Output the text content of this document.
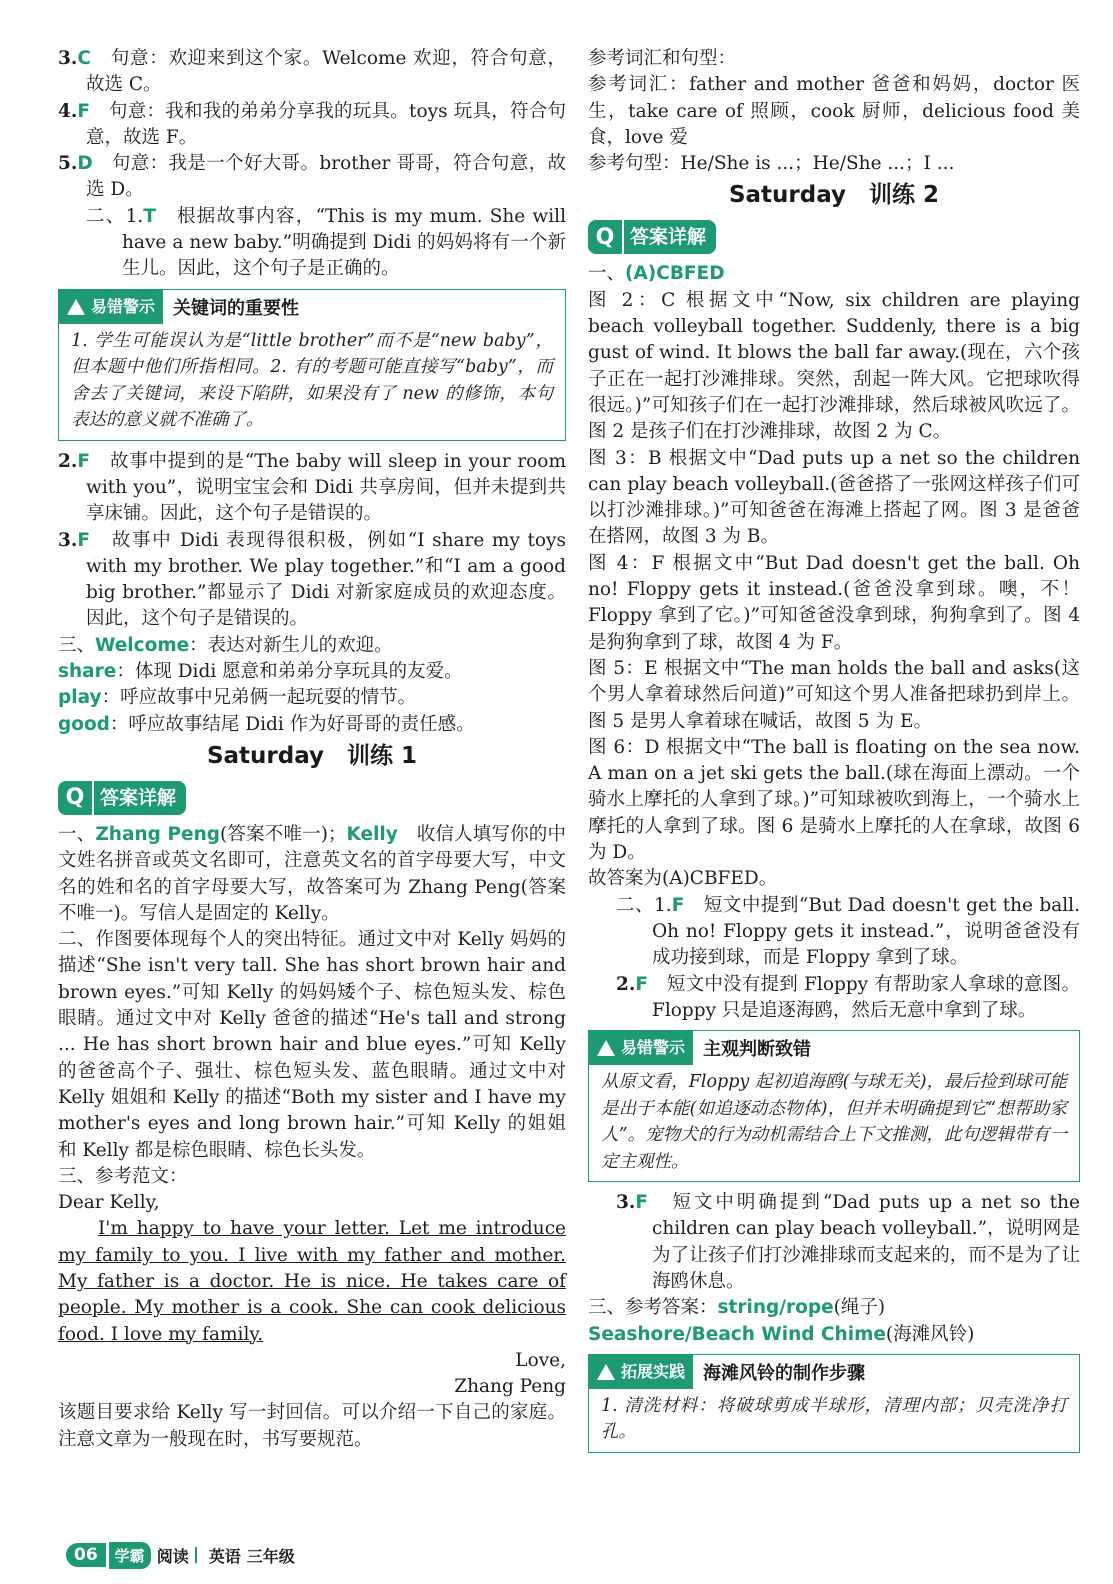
3.C　 句意：欢迎来到这个家。Welcome 欢迎，符合句意，故选 C。
4.F　 句意：我和我的弟弟分享我的玩具。toys 玩具，符合句意，故选 F。
5.D　 句意：我是一个好大哥。brother 哥哥，符合句意，故选 D。
二、1.T　 根据故事内容，“This is my mum. She will have a new baby.”明确提到 Didi 的妈妈将有一个新生儿。因此，这个句子是正确的。
易错警示	关键词的重要性
1. 学生可能误认为是“little brother”而不是“new baby”，但本题中他们所指相同。2. 有的考题可能直接写“baby”，而舍去了关键词，来设下陷阱，如果没有了 new 的修饰，本句表达的意义就不准确了。
2.F　 故事中提到的是“The baby will sleep in your room with you”，说明宝宝会和 Didi 共享房间，但并未提到共享床铺。因此，这个句子是错误的。
3.F　 故事中 Didi 表现得很积极，例如“I share my toys with my brother. We play together.”和“I am a good big brother.”都显示了 Didi 对新家庭成员的欢迎态度。因此，这个句子是错误的。
三、Welcome：表达对新生儿的欢迎。
share：体现 Didi 愿意和弟弟分享玩具的友爱。
play：呼应故事中兄弟俩一起玩耍的情节。
good：呼应故事结尾 Didi 作为好哥哥的责任感。
Saturday　训练 1
Q 答案详解
一、Zhang Peng(答案不唯一)；Kelly　 收信人填写你的中文姓名拼音或英文名即可，注意英文名的首字母要大写，中文名的姓和名的首字母要大写，故答案可为 Zhang Peng(答案不唯一)。写信人是固定的 Kelly。
二、作图要体现每个人的突出特征。通过文中对 Kelly 妈妈的描述“She isn't very tall. She has short brown hair and brown eyes.”可知 Kelly 的妈妈矮个子、棕色短头发、棕色眼睛。通过文中对 Kelly 爸爸的描述“He's tall and strong ... He has short brown hair and blue eyes.”可知 Kelly 的爸爸高个子、强壮、棕色短头发、蓝色眼睛。通过文中对 Kelly 姐姐和 Kelly 的描述“Both my sister and I have my mother's eyes and long brown hair.”可知 Kelly 的姐姐和 Kelly 都是棕色眼睛、棕色长头发。
三、参考范文：
Dear Kelly,
I'm happy to have your letter. Let me introduce my family to you. I live with my father and mother. My father is a doctor. He is nice. He takes care of people. My mother is a cook. She can cook delicious food. I love my family.
Love,
Zhang Peng
该题目要求给 Kelly 写一封回信。可以介绍一下自己的家庭。注意文章为一般现在时，书写要规范。
参考词汇和句型：
参考词汇：father and mother 爸爸和妈妈，doctor 医生，take care of 照顾，cook 厨师，delicious food 美食，love 爱
参考句型：He/She is ...；He/She ...；I ...
Saturday　训练 2
Q 答案详解
一、(A)CBFED
图 2：C 根据文中“Now, six children are playing beach volleyball together. Suddenly, there is a big gust of wind. It blows the ball far away.(现在，六个孩子正在一起打沙滩排球。突然，刮起一阵大风。它把球吹得很远。)”可知孩子们在一起打沙滩排球，然后球被风吹远了。图 2 是孩子们在打沙滩排球，故图 2 为 C。
图 3：B 根据文中“Dad puts up a net so the children can play beach volleyball.(爸爸搭了一张网这样孩子们可以打沙滩排球。)”可知爸爸在海滩上搭起了网。图 3 是爸爸在搭网，故图 3 为 B。
图 4：F 根据文中“But Dad doesn't get the ball. Oh no! Floppy gets it instead.(爸爸没拿到球。噢，不！Floppy 拿到了它。)”可知爸爸没拿到球，狗狗拿到了。图 4 是狗狗拿到了球，故图 4 为 F。
图 5：E 根据文中“The man holds the ball and asks(这个男人拿着球然后问道)”可知这个男人准备把球扔到岸上。图 5 是男人拿着球在喊话，故图 5 为 E。
图 6：D 根据文中“The ball is floating on the sea now. A man on a jet ski gets the ball.(球在海面上漂动。一个骑水上摩托的人拿到了球。)”可知球被吹到海上，一个骑水上摩托的人拿到了球。图 6 是骑水上摩托的人在拿球，故图 6 为 D。
故答案为(A)CBFED。
二、1.F　 短文中提到“But Dad doesn't get the ball. Oh no! Floppy gets it instead.”，说明爸爸没有成功接到球，而是 Floppy 拿到了球。
2.F　 短文中没有提到 Floppy 有帮助家人拿球的意图。Floppy 只是追逐海鸥，然后无意中拿到了球。
易错警示	主观判断致错
从原文看，Floppy 起初追海鸥(与球无关)，最后捡到球可能是出于本能(如追逐动态物体)，但并未明确提到它“想帮助家人”。宠物犬的行为动机需结合上下文推测，此句逻辑带有一定主观性。
3.F　 短文中明确提到“Dad puts up a net so the children can play beach volleyball.”，说明网是为了让孩子们打沙滩排球而支起来的，而不是为了让海鸥休息。
三、参考答案：string/rope(绳子)
Seashore/Beach Wind Chime(海滩风铃)
拓展实践	海滩风铃的制作步骤
1. 清洗材料：将破球剪成半球形，清理内部；贝壳洗净打孔。
06	学霸 阅读 英语 三年级
